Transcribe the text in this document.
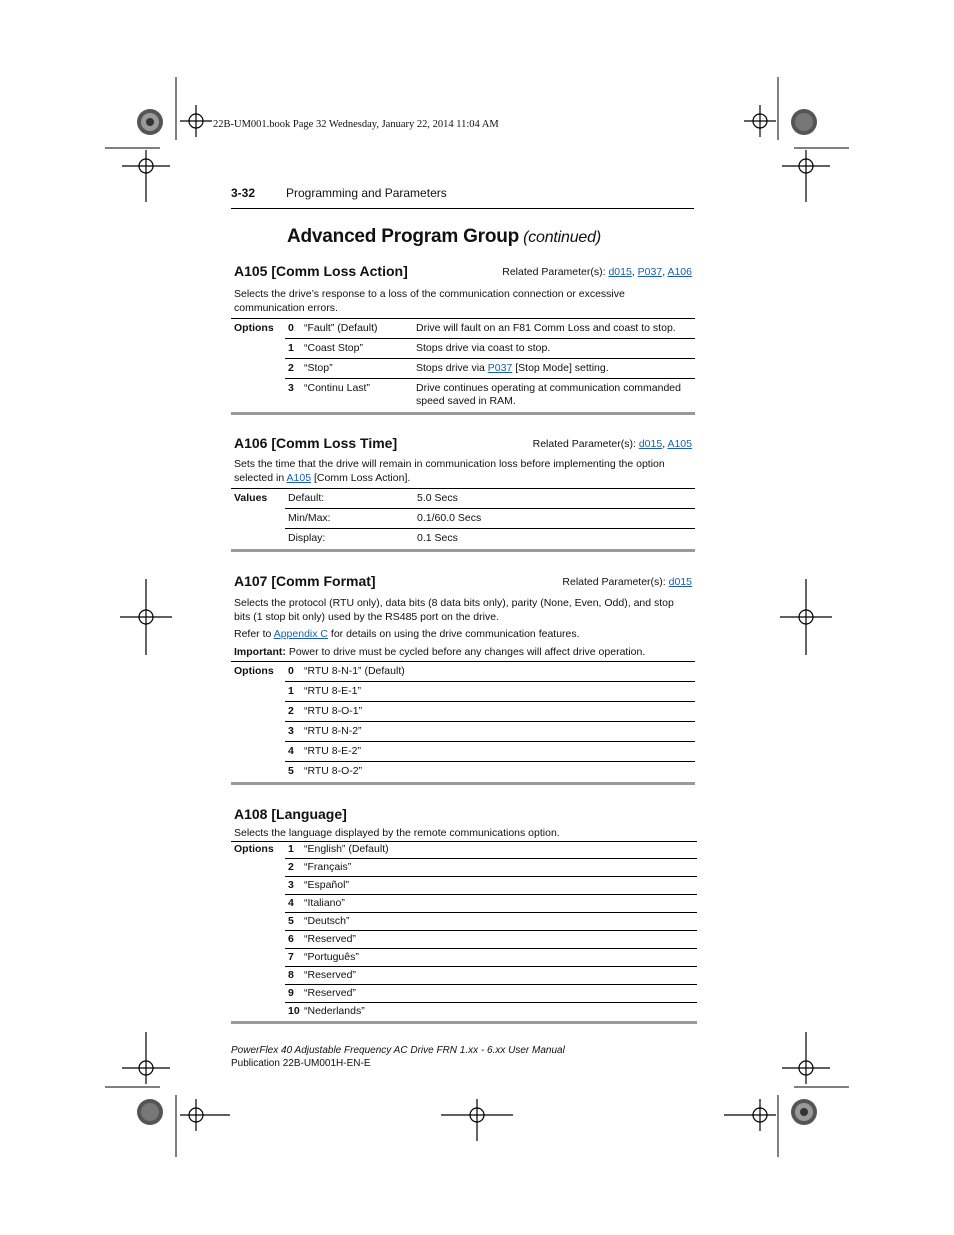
22B-UM001.book Page 32 Wednesday, January 22, 2014 11:04 AM
3-32	Programming and Parameters
Advanced Program Group (continued)
A105 [Comm Loss Action]	Related Parameter(s): d015, P037, A106

Selects the drive’s response to a loss of the communication connection or excessive communication errors.

Options	0	“Fault” (Default)	Drive will fault on an F81 Comm Loss and coast to stop.
	1	“Coast Stop”	Stops drive via coast to stop.
	2	“Stop”	Stops drive via P037 [Stop Mode] setting.
	3	“Continu Last”	Drive continues operating at communication commanded speed saved in RAM.
A106 [Comm Loss Time]	Related Parameter(s): d015, A105

Sets the time that the drive will remain in communication loss before implementing the option selected in A105 [Comm Loss Action].

Values	Default:	5.0 Secs
	Min/Max:	0.1/60.0 Secs
	Display:	0.1 Secs
A107 [Comm Format]	Related Parameter(s): d015

Selects the protocol (RTU only), data bits (8 data bits only), parity (None, Even, Odd), and stop bits (1 stop bit only) used by the RS485 port on the drive.

Refer to Appendix C for details on using the drive communication features.

Important: Power to drive must be cycled before any changes will affect drive operation.

Options	0	“RTU 8-N-1” (Default)
	1	“RTU 8-E-1”
	2	“RTU 8-O-1”
	3	“RTU 8-N-2”
	4	“RTU 8-E-2”
	5	“RTU 8-O-2”
A108 [Language]

Selects the language displayed by the remote communications option.

Options	1	“English” (Default)
	2	“Français”
	3	“Español”
	4	“Italiano”
	5	“Deutsch”
	6	“Reserved”
	7	“Português”
	8	“Reserved”
	9	“Reserved”
	10	“Nederlands”
PowerFlex 40 Adjustable Frequency AC Drive FRN 1.xx - 6.xx User Manual
Publication 22B-UM001H-EN-E
